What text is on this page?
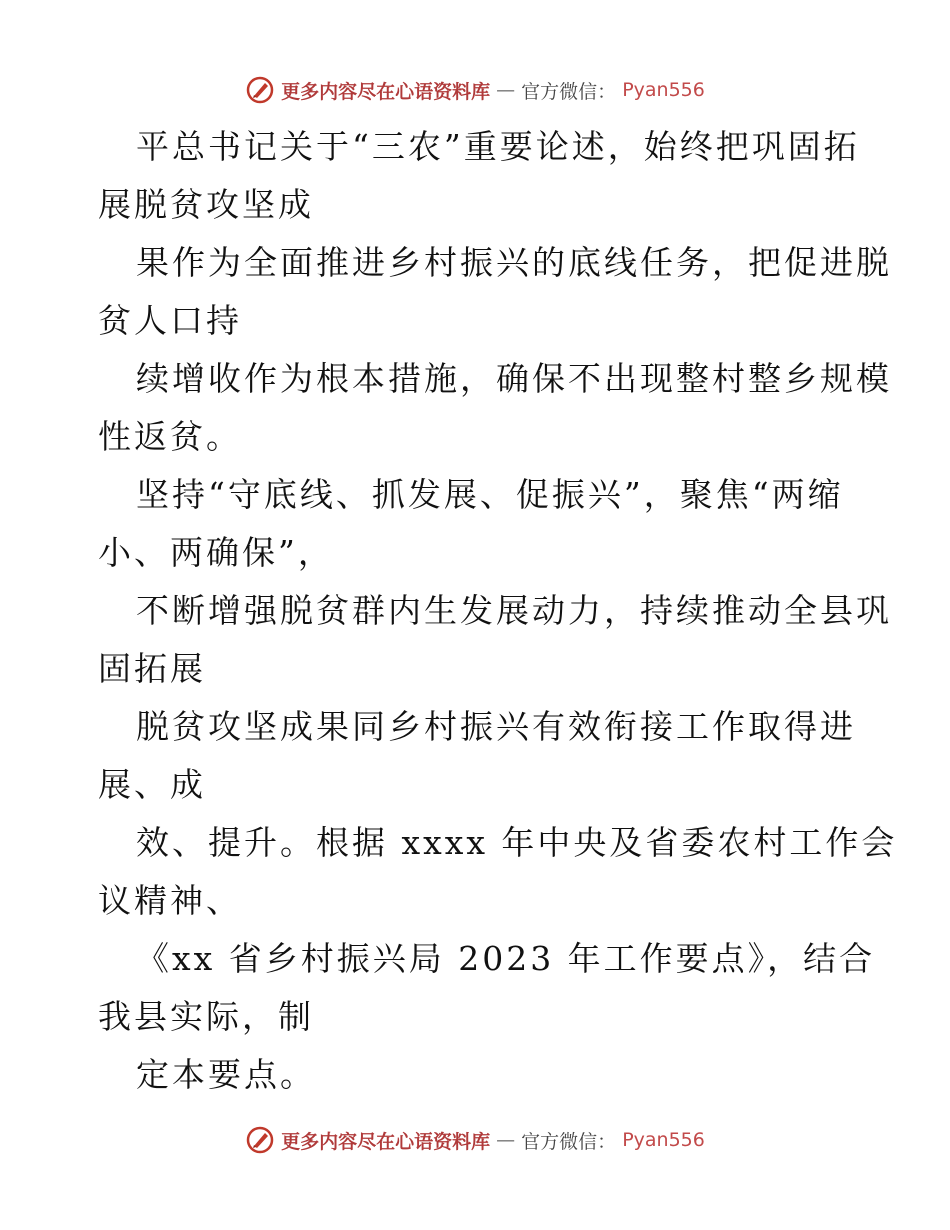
更多内容尽在心语资料库 — 官方微信： Pyan556

平总书记关于“三农”重要论述，始终把巩固拓

展脱贫攻坚成

果作为全面推进乡村振兴的底线任务，把促进脱

贫人口持

续增收作为根本措施，确保不出现整村整乡规模

性返贫。

坚持“守底线、抓发展、促振兴”，聚焦“两缩

小、两确保”，

不断增强脱贫群内生发展动力，持续推动全县巩

固拓展

脱贫攻坚成果同乡村振兴有效衔接工作取得进

展、成

效、提升。根据 xxxx 年中央及省委农村工作会

议精神、

《xx 省乡村振兴局 2023 年工作要点》，结合

我县实际，制

定本要点。

更多内容尽在心语资料库 — 官方微信： Pyan556
